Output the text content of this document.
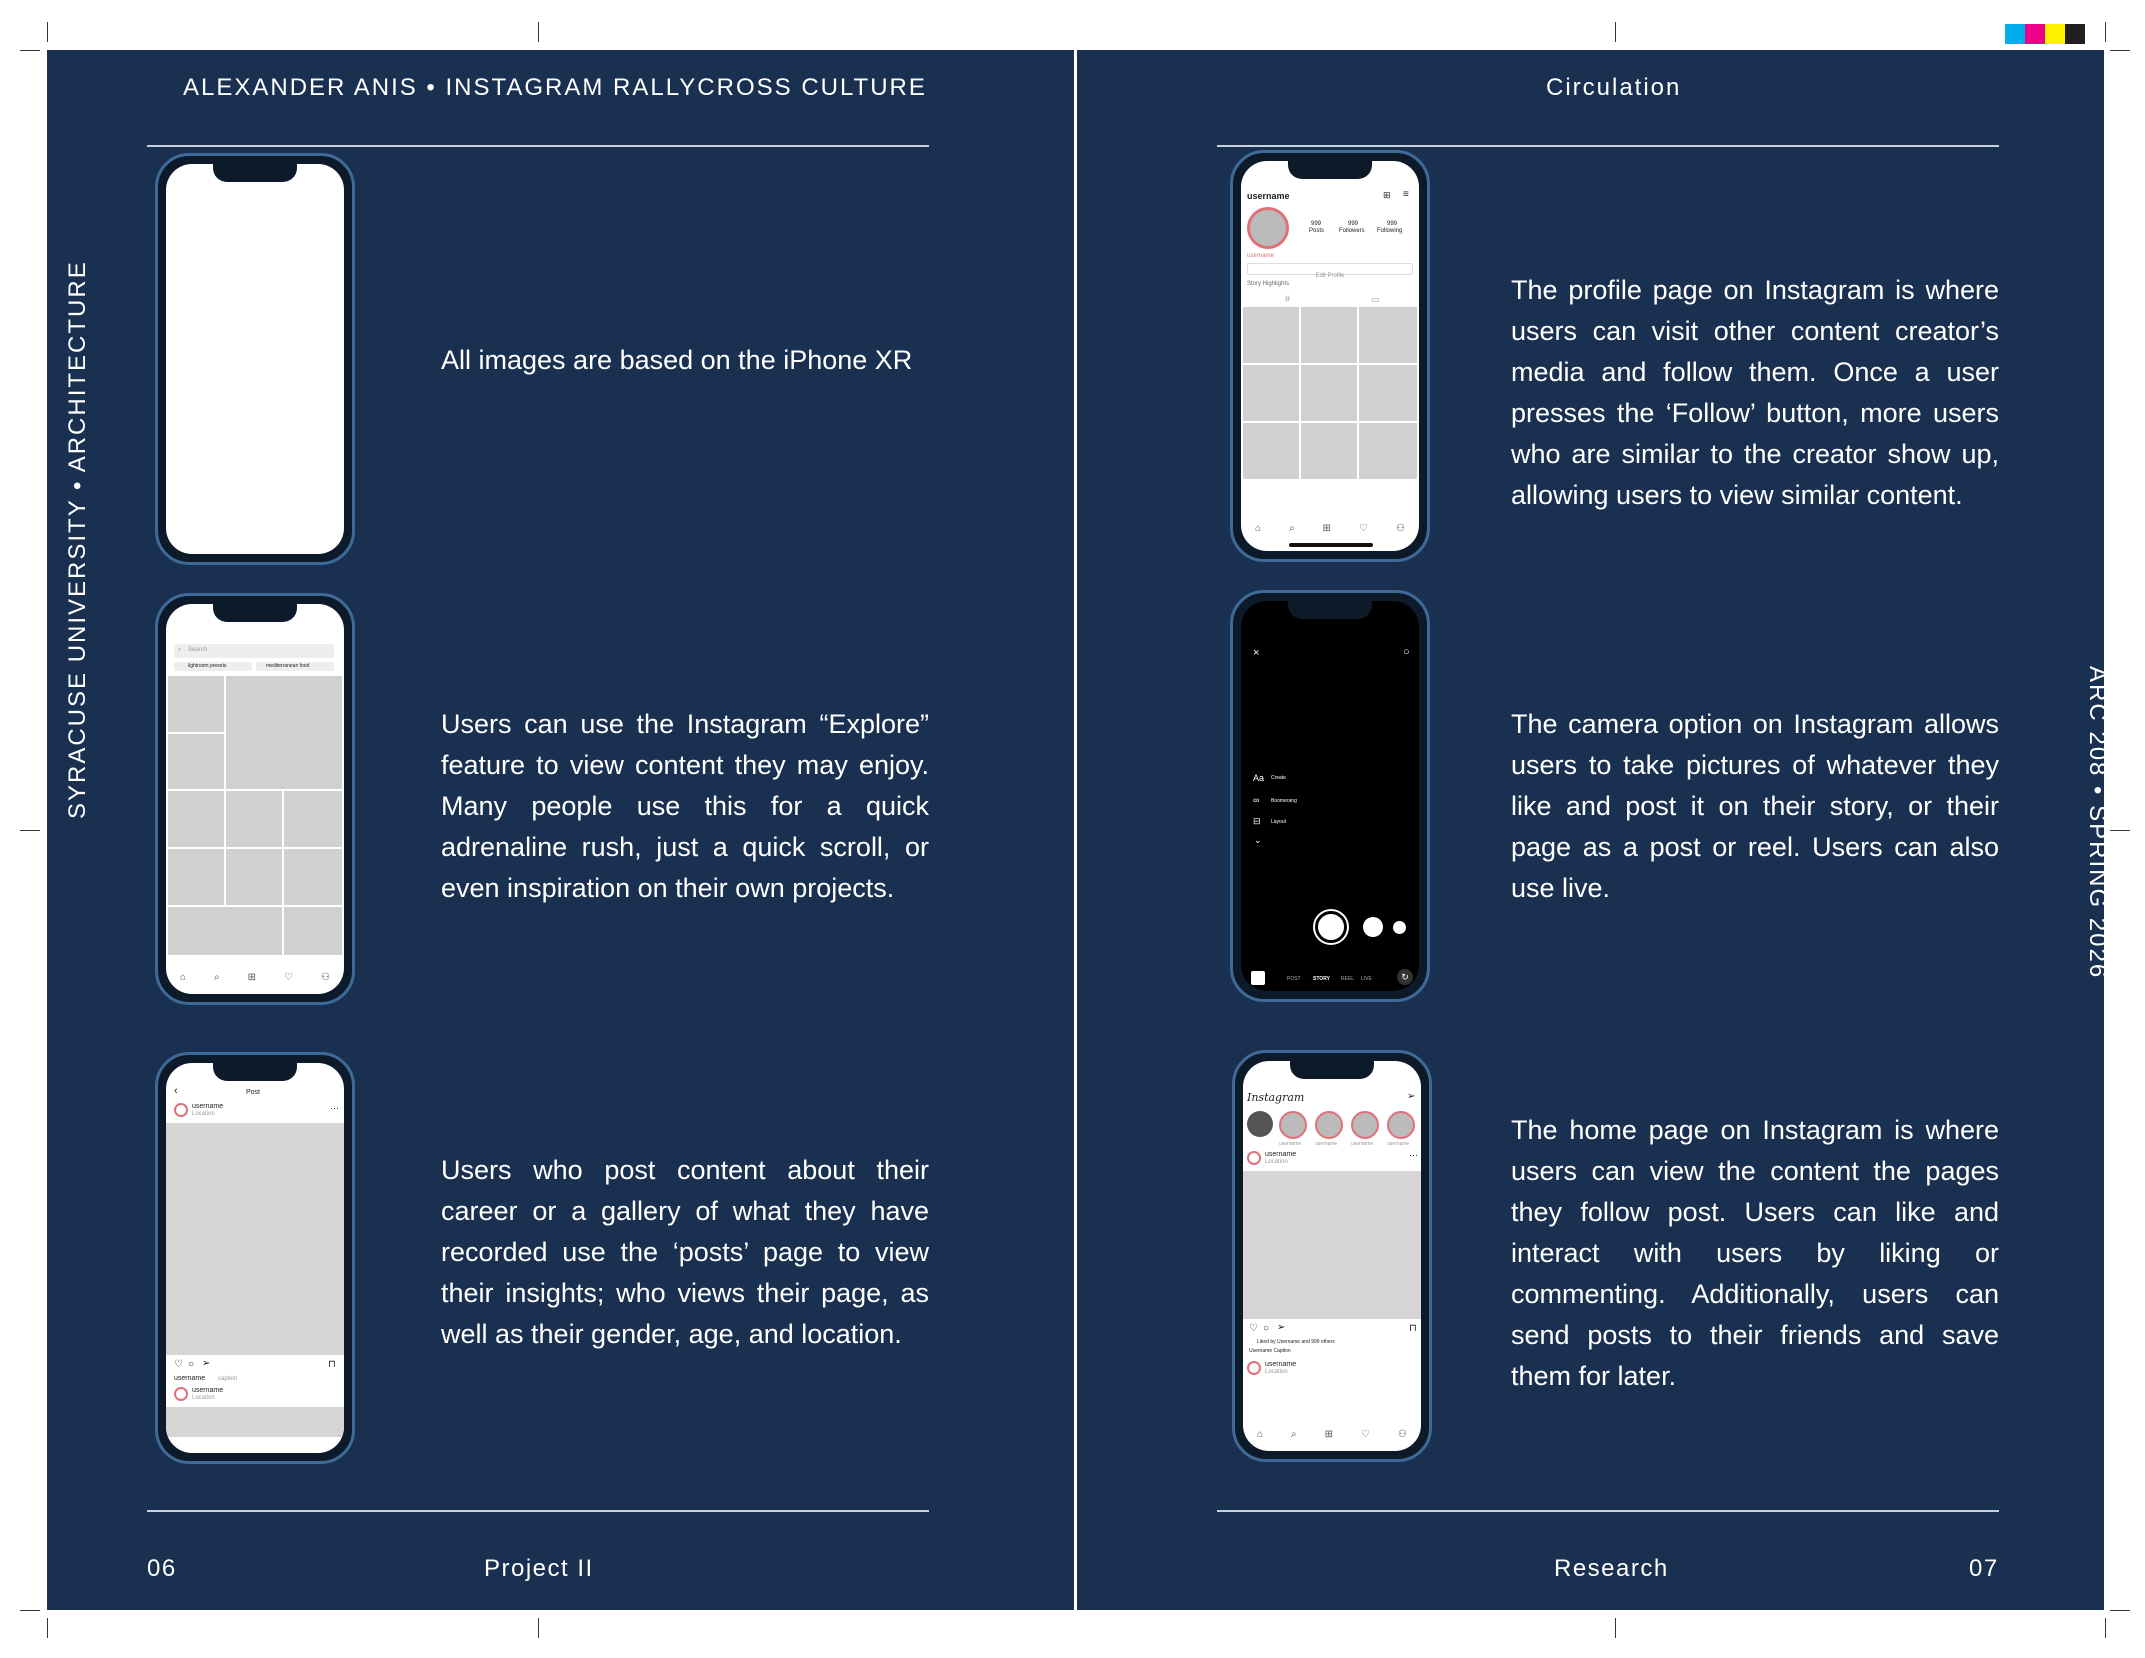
ALEXANDER ANIS • INSTAGRAM RALLYCROSS CULTURE
SYRACUSE UNIVERSITY • ARCHITECTURE	⌕ Search
lightroom presets	mediterranean food
⌂	⌕	⊞	♡	⚇
‹	Post
username
Location
⋯
♡ ○ ➢	⊓
username caption
username
Location
All images are based on the iPhone XR
Users can use the Instagram “Explore” feature to view content they may enjoy. Many people use this for a quick adrenaline rush, just a quick scroll, or even inspiration on their own projects.
Users who post content about their career or a gallery of what they have recorded use the ‘posts’ page to view their insights; who views their page, as well as their gender, age, and location.
06	Project II
Circulation
ARC 208 • SPRING 2026
username	⊞ ≡
999
Posts
999
Followers
999
Following
username
Edit Profile
Story Highlights
#	▭
⌂	⌕	⊞	♡	⚇
×	○
Aa Create
∞ Boomerang
⊟ Layout
⌄
POST STORY REEL LIVE	↻
Instagram	➢
username	username	username	username
username
Location
⋯
♡ ○ ➢	⊓
Liked by Username and 999 others
Username Caption
username
Location
⌂	⌕	⊞	♡	⚇
The profile page on Instagram is where users can visit other content creator’s media and follow them. Once a user presses the ‘Follow’ button, more users who are similar to the creator show up, allowing users to view similar content.
The camera option on Instagram allows users to take pictures of whatever they like and post it on their story, or their page as a post or reel. Users can also use live.
The home page on Instagram is where users can view the content the pages they follow post. Users can like and interact with users by liking or commenting. Additionally, users can send posts to their friends and save them for later.
Research	07
